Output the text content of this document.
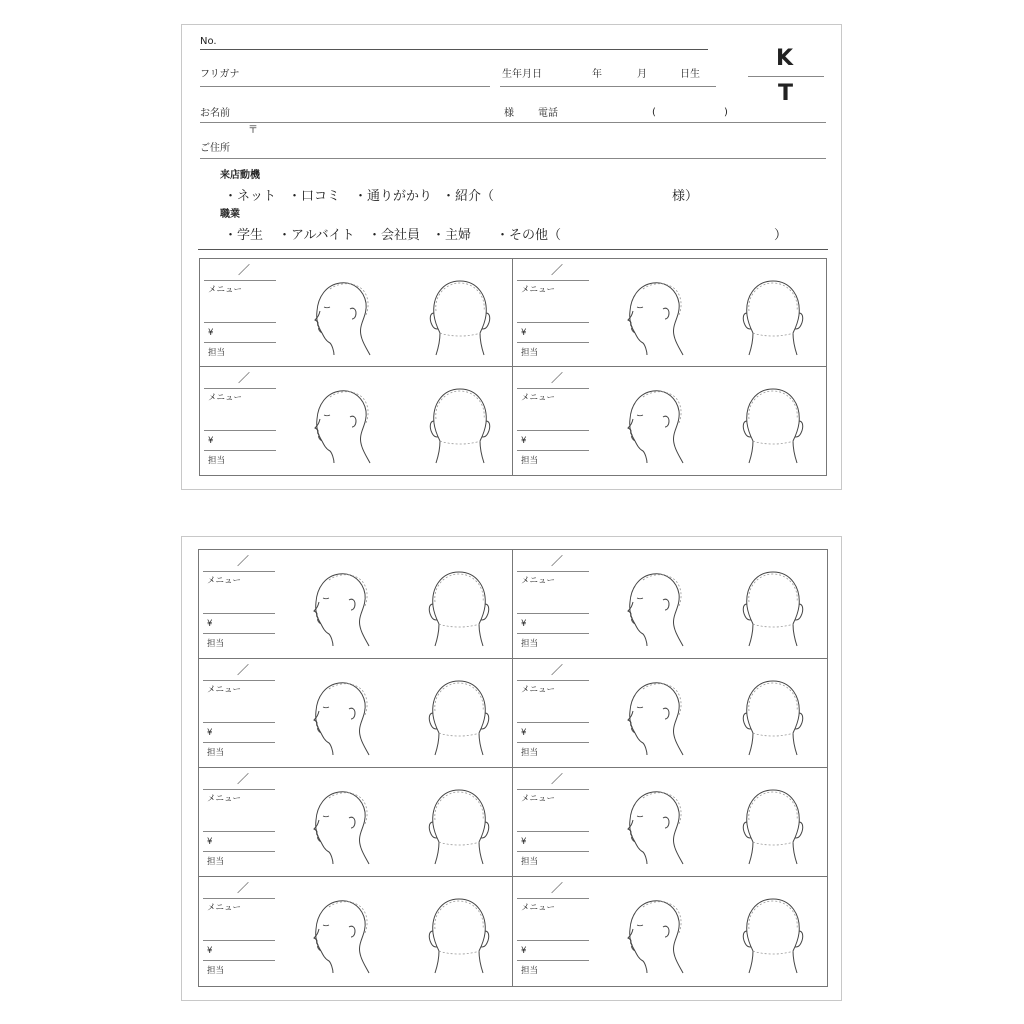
No.
フリガナ	生年月日	年	月	日生
K
T
お名前	様 電話	(	)
〒
ご住所
来店動機
・ネット ・口コミ ・通りがかり ・紹介（	様）
職業
・学生 ・アルバイト ・会社員 ・主婦 ・その他（	）
／
メニュー
¥
担当
／
メニュー
¥
担当
／
メニュー
¥
担当
／
メニュー
¥
担当
／
メニュー
¥
担当
／
メニュー
¥
担当
／
メニュー
¥
担当
／
メニュー
¥
担当
／
メニュー
¥
担当
／
メニュー
¥
担当
／
メニュー
¥
担当
／
メニュー
¥
担当
